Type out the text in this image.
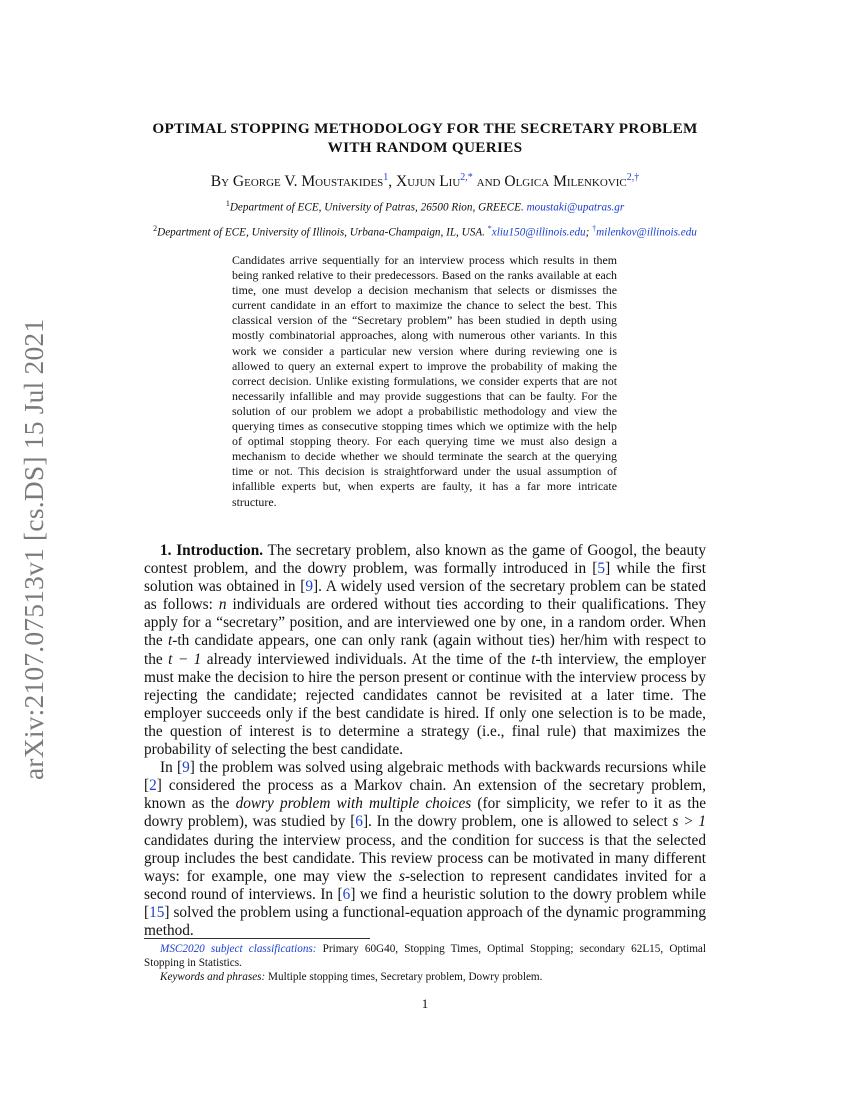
arXiv:2107.07513v1 [cs.DS] 15 Jul 2021
OPTIMAL STOPPING METHODOLOGY FOR THE SECRETARY PROBLEM
WITH RANDOM QUERIES
By George V. Moustakides$^1$, Xujun Liu$^{2,*}$ and Olgica Milenkovic$^{2,\dagger}$
$^1$Department of ECE, University of Patras, 26500 Rion, GREECE. moustaki@upatras.gr
$^2$Department of ECE, University of Illinois, Urbana-Champaign, IL, USA. *xliu150@illinois.edu; †milenkov@illinois.edu
Candidates arrive sequentially for an interview process which results in them being ranked relative to their predecessors. Based on the ranks available at each time, one must develop a decision mechanism that selects or dismisses the current candidate in an effort to maximize the chance to select the best. This classical version of the “Secretary problem” has been studied in depth using mostly combinatorial approaches, along with numerous other variants. In this work we consider a particular new version where during reviewing one is allowed to query an external expert to improve the probability of making the correct decision. Unlike existing formulations, we consider experts that are not necessarily infallible and may provide suggestions that can be faulty. For the solution of our problem we adopt a probabilistic methodology and view the querying times as consecutive stopping times which we optimize with the help of optimal stopping theory. For each querying time we must also design a mechanism to decide whether we should terminate the search at the querying time or not. This decision is straightforward under the usual assumption of infallible experts but, when experts are faulty, it has a far more intricate structure.

1. Introduction. The secretary problem, also known as the game of Googol, the beauty contest problem, and the dowry problem, was formally introduced in [5] while the first solution was obtained in [9]. A widely used version of the secretary problem can be stated as follows: n individuals are ordered without ties according to their qualifications. They apply for a “secretary” position, and are interviewed one by one, in a random order. When the t-th candidate appears, one can only rank (again without ties) her/him with respect to the t − 1 already interviewed individuals. At the time of the t-th interview, the employer must make the decision to hire the person present or continue with the interview process by rejecting the candidate; rejected candidates cannot be revisited at a later time. The employer succeeds only if the best candidate is hired. If only one selection is to be made, the question of interest is to determine a strategy (i.e., final rule) that maximizes the probability of selecting the best candidate.

In [9] the problem was solved using algebraic methods with backwards recursions while [2] considered the process as a Markov chain. An extension of the secretary problem, known as the dowry problem with multiple choices (for simplicity, we refer to it as the dowry problem), was studied by [6]. In the dowry problem, one is allowed to select s > 1 candidates during the interview process, and the condition for success is that the selected group includes the best candidate. This review process can be motivated in many different ways: for example, one may view the s-selection to represent candidates invited for a second round of interviews. In [6] we find a heuristic solution to the dowry problem while [15] solved the problem using a functional-equation approach of the dynamic programming method.

MSC2020 subject classifications: Primary 60G40, Stopping Times, Optimal Stopping; secondary 62L15, Optimal Stopping in Statistics.

Keywords and phrases: Multiple stopping times, Secretary problem, Dowry problem.

1
